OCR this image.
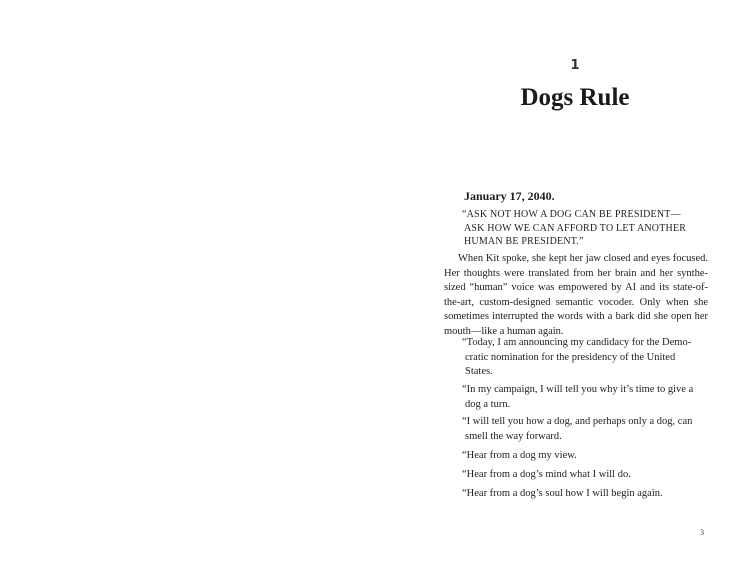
1
Dogs Rule
January 17, 2040.
“ASK NOT HOW A DOG CAN BE PRESIDENT—
ASK HOW WE CAN AFFORD TO LET ANOTHER
HUMAN BE PRESIDENT.”
When Kit spoke, she kept her jaw closed and eyes focused. Her thoughts were translated from her brain and her synthesized “human” voice was empowered by AI and its state-of-the-art, custom-designed semantic vocoder. Only when she sometimes interrupted the words with a bark did she open her mouth—like a human again.
“Today, I am announcing my candidacy for the Demo-
cratic nomination for the presidency of the United
States.
“In my campaign, I will tell you why it’s time to give a
dog a turn.
“I will tell you how a dog, and perhaps only a dog, can
smell the way forward.
“Hear from a dog my view.
“Hear from a dog’s mind what I will do.
“Hear from a dog’s soul how I will begin again.
3
